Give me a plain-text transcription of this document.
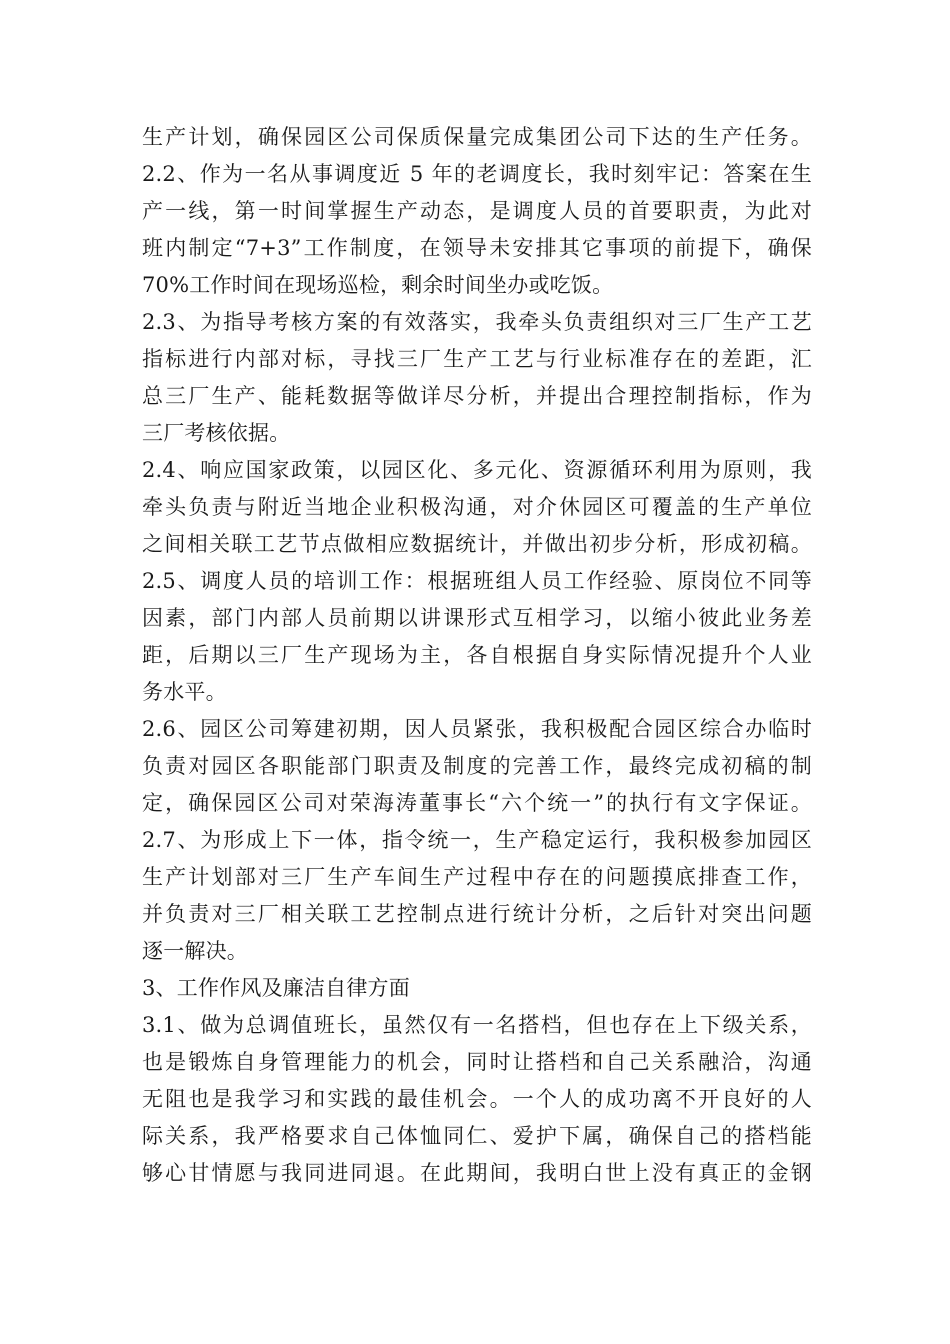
生产计划，确保园区公司保质保量完成集团公司下达的生产任务。
2.2、作为一名从事调度近 5 年的老调度长，我时刻牢记：答案在生
产一线，第一时间掌握生产动态，是调度人员的首要职责，为此对
班内制定“7+3”工作制度，在领导未安排其它事项的前提下，确保
70%工作时间在现场巡检，剩余时间坐办或吃饭。
2.3、为指导考核方案的有效落实，我牵头负责组织对三厂生产工艺
指标进行内部对标，寻找三厂生产工艺与行业标准存在的差距，汇
总三厂生产、能耗数据等做详尽分析，并提出合理控制指标，作为
三厂考核依据。
2.4、响应国家政策，以园区化、多元化、资源循环利用为原则，我
牵头负责与附近当地企业积极沟通，对介休园区可覆盖的生产单位
之间相关联工艺节点做相应数据统计，并做出初步分析，形成初稿。
2.5、调度人员的培训工作：根据班组人员工作经验、原岗位不同等
因素，部门内部人员前期以讲课形式互相学习，以缩小彼此业务差
距，后期以三厂生产现场为主，各自根据自身实际情况提升个人业
务水平。
2.6、园区公司筹建初期，因人员紧张，我积极配合园区综合办临时
负责对园区各职能部门职责及制度的完善工作，最终完成初稿的制
定，确保园区公司对荣海涛董事长“六个统一”的执行有文字保证。
2.7、为形成上下一体，指令统一，生产稳定运行，我积极参加园区
生产计划部对三厂生产车间生产过程中存在的问题摸底排查工作，
并负责对三厂相关联工艺控制点进行统计分析，之后针对突出问题
逐一解决。
3、工作作风及廉洁自律方面
3.1、做为总调值班长，虽然仅有一名搭档，但也存在上下级关系，
也是锻炼自身管理能力的机会，同时让搭档和自己关系融洽，沟通
无阻也是我学习和实践的最佳机会。一个人的成功离不开良好的人
际关系，我严格要求自己体恤同仁、爱护下属，确保自己的搭档能
够心甘情愿与我同进同退。在此期间，我明白世上没有真正的金钢
